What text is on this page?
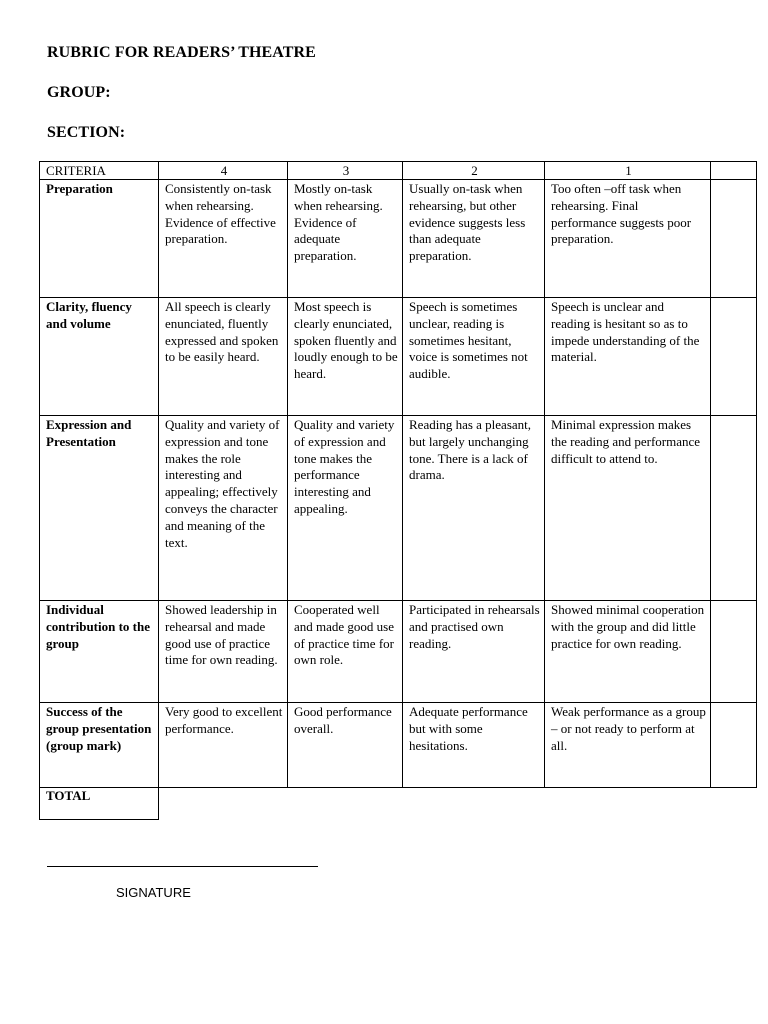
RUBRIC FOR READERS’ THEATRE
GROUP:
SECTION:
CRITERIA	4	3	2	1	
Preparation	Consistently on-task when rehearsing. Evidence of effective preparation.	Mostly on-task when rehearsing. Evidence of adequate preparation.	Usually on-task when rehearsing, but other evidence suggests less than adequate preparation.	Too often –off task when rehearsing. Final performance suggests poor preparation.	
Clarity, fluency and volume	All speech is clearly enunciated, fluently expressed and spoken to be easily heard.	Most speech is clearly enunciated, spoken fluently and loudly enough to be heard.	Speech is sometimes unclear, reading is sometimes hesitant, voice is sometimes not audible.	Speech is unclear and reading is hesitant so as to impede understanding of the material.	
Expression and Presentation	Quality and variety of expression and tone makes the role interesting and appealing; effectively conveys the character and meaning of the text.	Quality and variety of expression and tone makes the performance interesting and appealing.	Reading has a pleasant, but largely unchanging tone. There is a lack of drama.	Minimal expression makes the reading and performance difficult to attend to.	
Individual contribution to the group	Showed leadership in rehearsal and made good use of practice time for own reading.	Cooperated well and made good use of practice time for own role.	Participated in rehearsals and practised own reading.	Showed minimal cooperation with the group and did little practice for own reading.	
Success of the group presentation (group mark)	Very good to excellent performance.	Good performance overall.	Adequate performance but with some hesitations.	Weak performance as a group – or not ready to perform at all.	
TOTAL					
SIGNATURE
